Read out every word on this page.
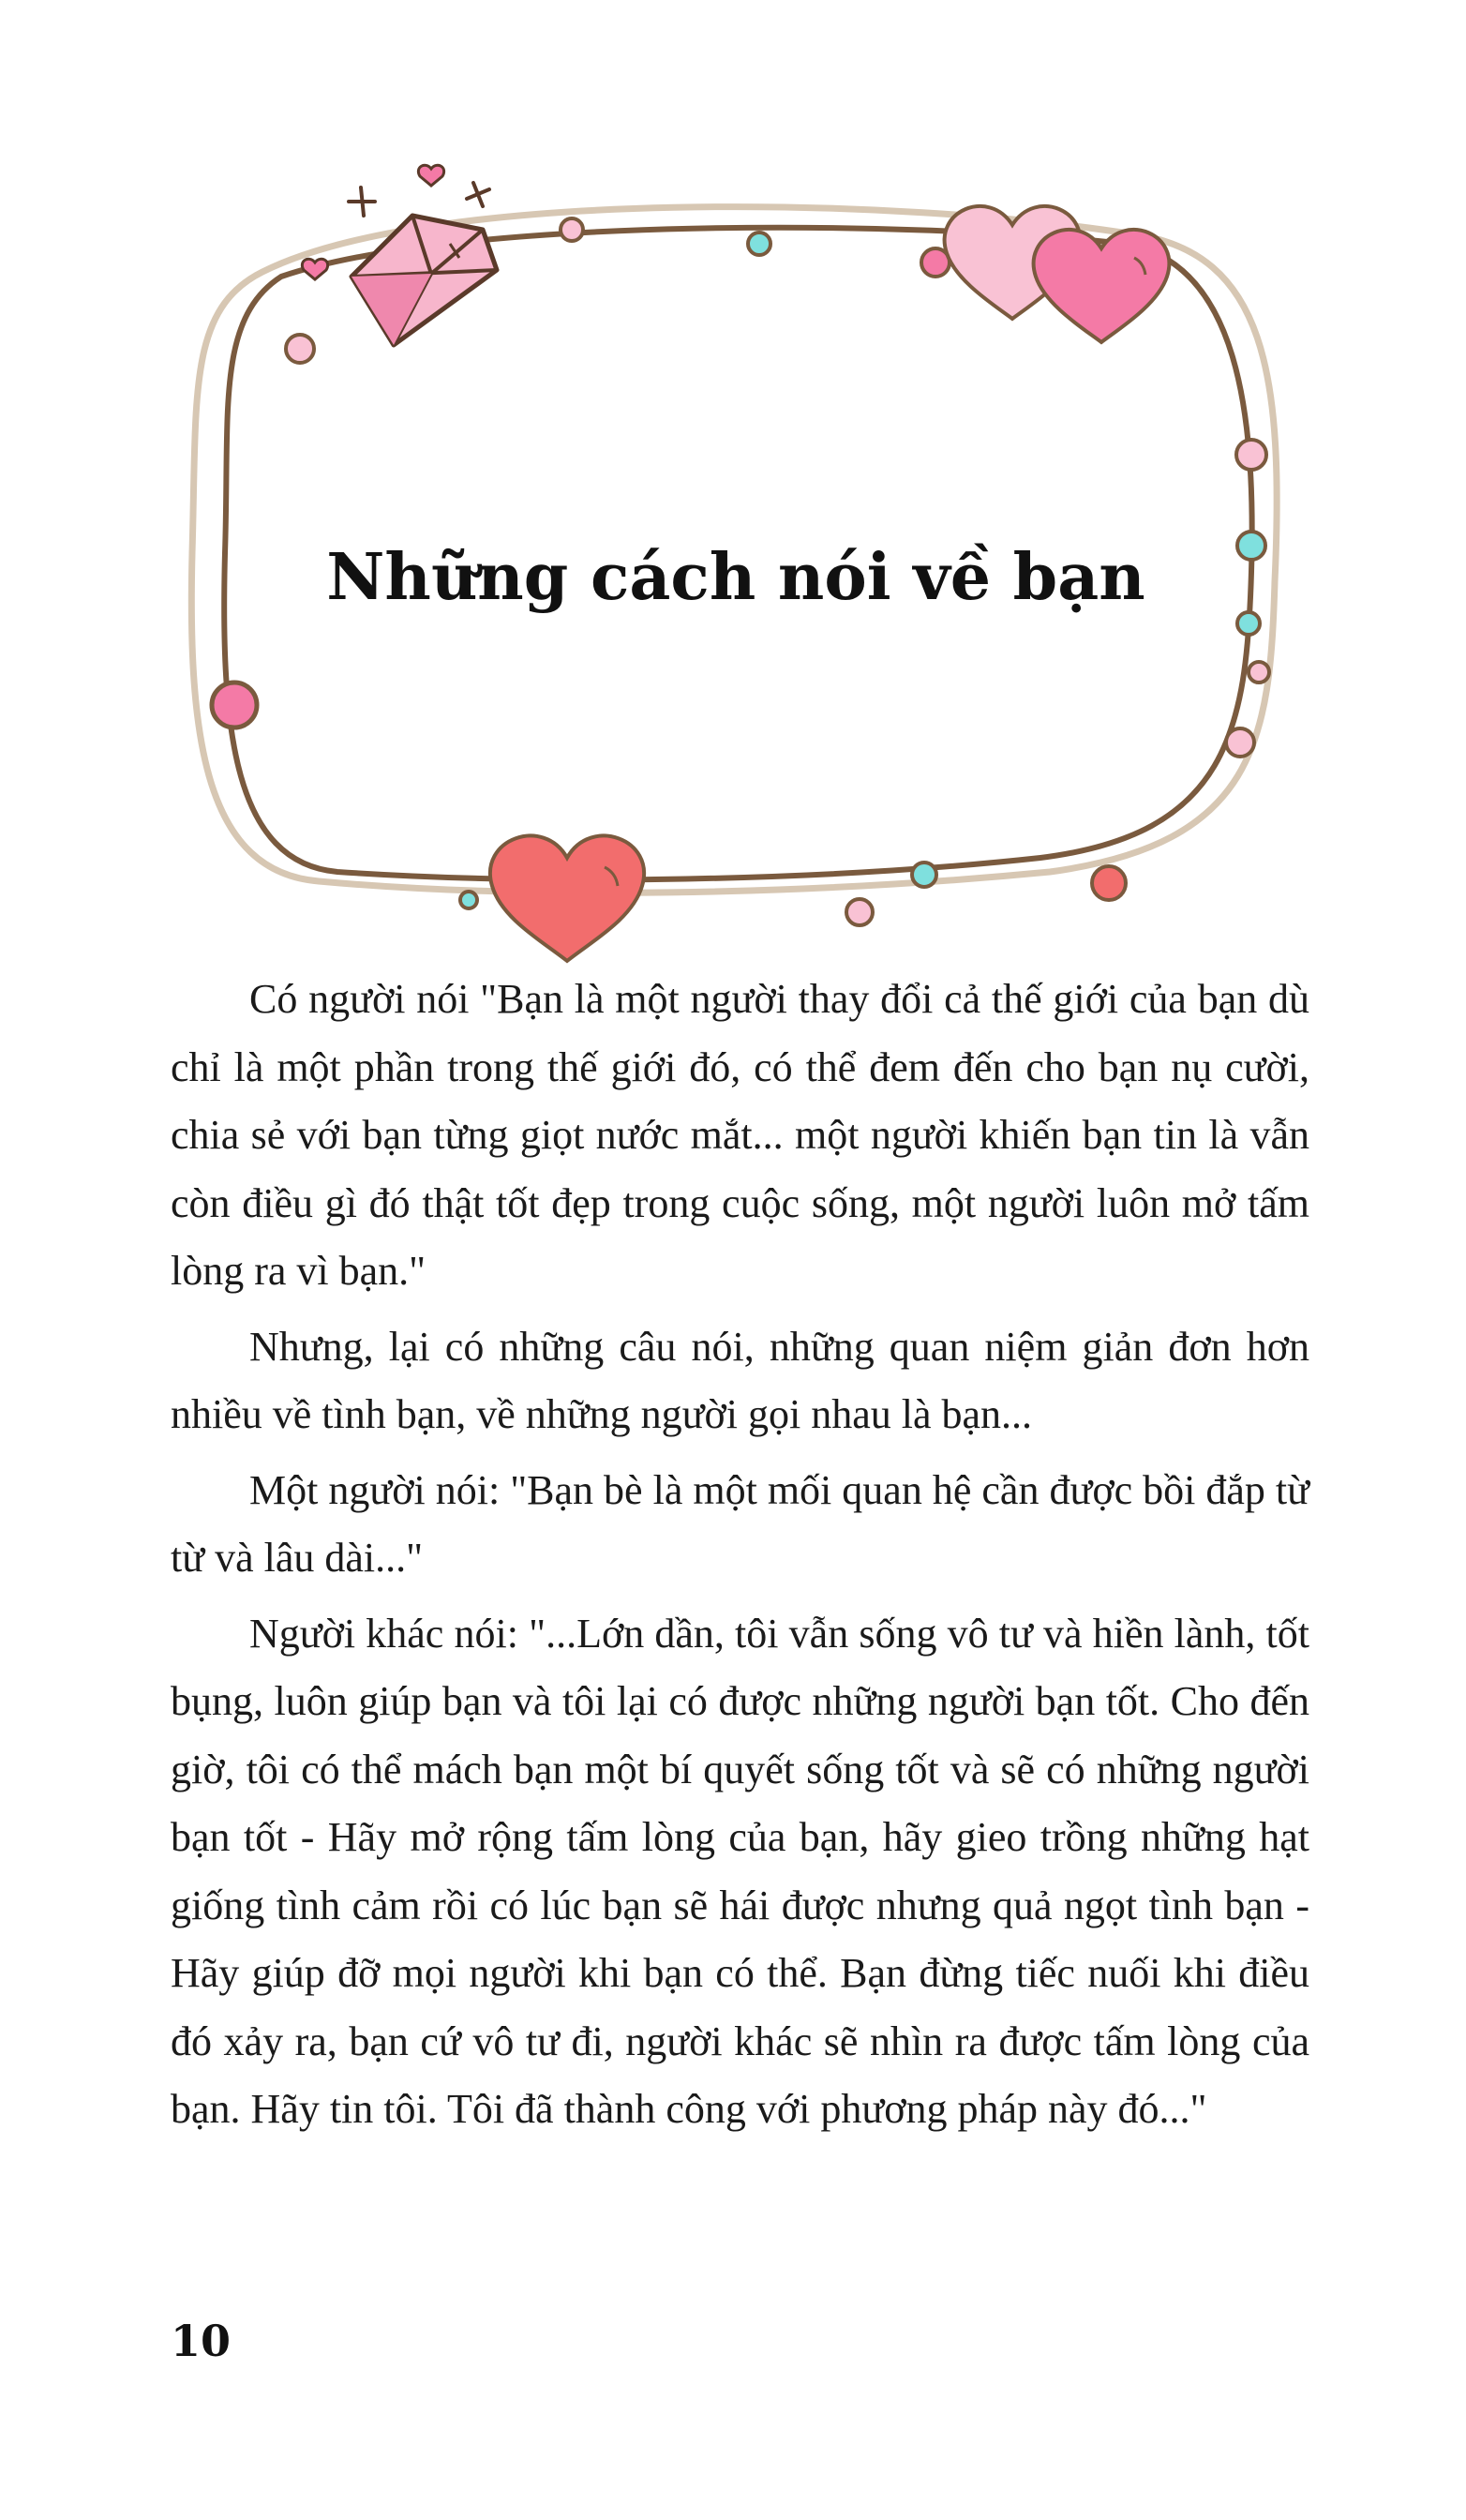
Những cách nói về bạn

Có người nói "Bạn là một người thay đổi cả thế giới của bạn dù chỉ là một phần trong thế giới đó, có thể đem đến cho bạn nụ cười, chia sẻ với bạn từng giọt nước mắt... một người khiến bạn tin là vẫn còn điều gì đó thật tốt đẹp trong cuộc sống, một người luôn mở tấm lòng ra vì bạn."

Nhưng, lại có những câu nói, những quan niệm giản đơn hơn nhiều về tình bạn, về những người gọi nhau là bạn...

Một người nói: "Bạn bè là một mối quan hệ cần được bồi đắp từ từ và lâu dài..."

Người khác nói: "...Lớn dần, tôi vẫn sống vô tư và hiền lành, tốt bụng, luôn giúp bạn và tôi lại có được những người bạn tốt. Cho đến giờ, tôi có thể mách bạn một bí quyết sống tốt và sẽ có những người bạn tốt - Hãy mở rộng tấm lòng của bạn, hãy gieo trồng những hạt giống tình cảm rồi có lúc bạn sẽ hái được nhưng quả ngọt tình bạn - Hãy giúp đỡ mọi người khi bạn có thể. Bạn đừng tiếc nuối khi điều đó xảy ra, bạn cứ vô tư đi, người khác sẽ nhìn ra được tấm lòng của bạn. Hãy tin tôi. Tôi đã thành công với phương pháp này đó..."

10
